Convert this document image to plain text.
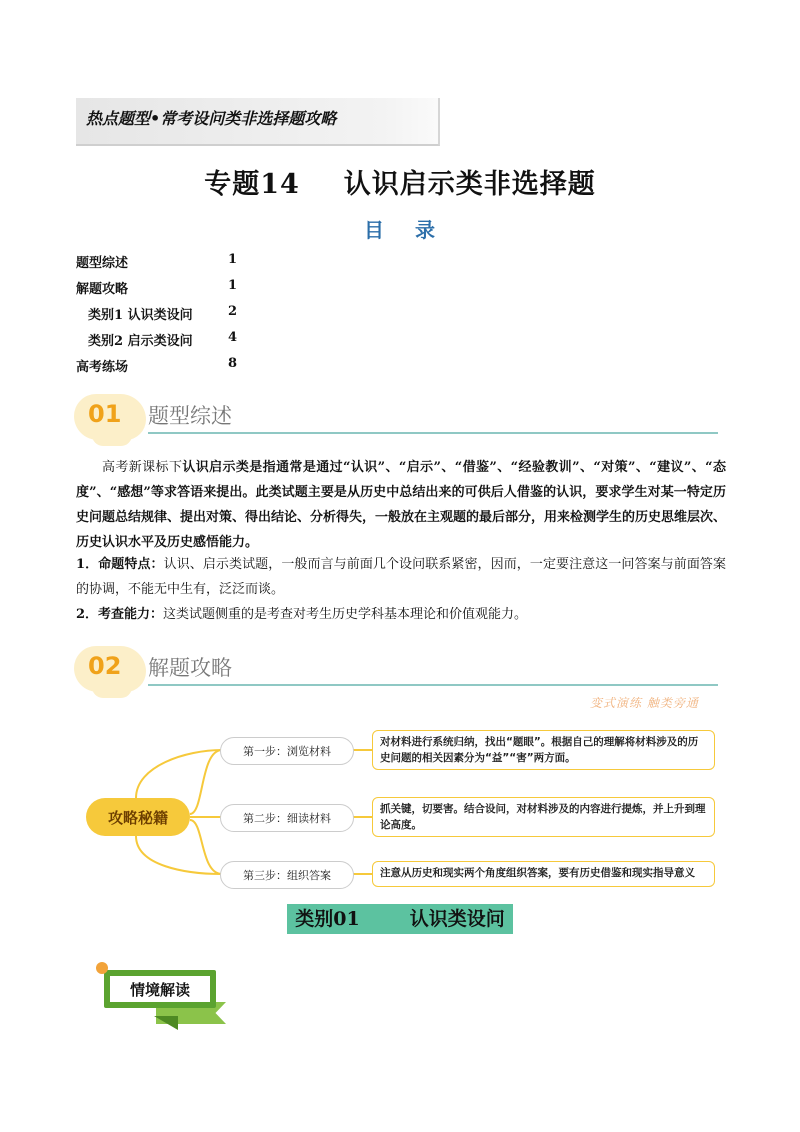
热点题型•常考设问类非选择题攻略
专题14 认识启示类非选择题
目 录
题型综述	1
解题攻略	1
类别1 认识类设问	2
类别2 启示类设问	4
高考练场	8
01 题型综述
高考新课标下认识启示类是指通常是通过“认识”、“启示”、“借鉴”、“经验教训”、“对策”、“建议”、“态度”、“感想”等求答语来提出。此类试题主要是从历史中总结出来的可供后人借鉴的认识，要求学生对某一特定历史问题总结规律、提出对策、得出结论、分析得失，一般放在主观题的最后部分，用来检测学生的历史思维层次、历史认识水平及历史感悟能力。
1．命题特点：认识、启示类试题，一般而言与前面几个设问联系紧密，因而，一定要注意这一问答案与前面答案的协调，不能无中生有，泛泛而谈。
2．考查能力：这类试题侧重的是考查对考生历史学科基本理论和价值观能力。
02 解题攻略
变式演练 触类旁通
攻略秘籍
第一步：浏览材料
对材料进行系统归纳，找出“题眼”。根据自己的理解将材料涉及的历史问题的相关因素分为“益”“害”两方面。
第二步：细读材料
抓关键，切要害。结合设问，对材料涉及的内容进行提炼，并上升到理论高度。
第三步：组织答案	注意从历史和现实两个角度组织答案，要有历史借鉴和现实指导意义
类别01	认识类设问
情境解读
